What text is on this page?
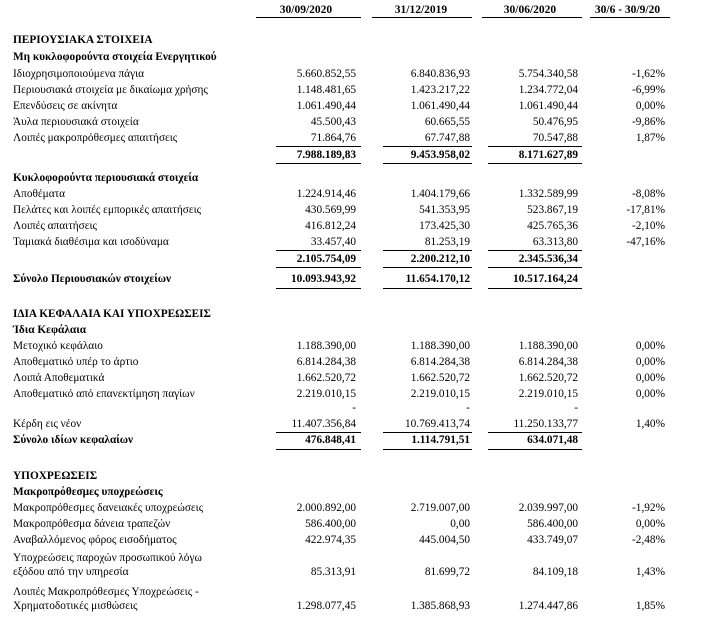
30/09/2020	31/12/2019	30/06/2020	30/6 - 30/9/20
ΠΕΡΙΟΥΣΙΑΚΑ ΣΤΟΙΧΕΙΑ
Μη κυκλοφορούντα στοιχεία Ενεργητικού
Ιδιοχρησιμοποιούμενα πάγια	5.660.852,55	6.840.836,93	5.754.340,58	-1,62%
Περιουσιακά στοιχεία με δικαίωμα χρήσης	1.148.481,65	1.423.217,22	1.234.772,04	-6,99%
Επενδύσεις σε ακίνητα	1.061.490,44	1.061.490,44	1.061.490,44	0,00%
Άυλα περιουσιακά στοιχεία	45.500,43	60.665,55	50.476,95	-9,86%
Λοιπές μακροπρόθεσμες απαιτήσεις	71.864,76	67.747,88	70.547,88	1,87%
7.988.189,83	9.453.958,02	8.171.627,89
Κυκλοφορούντα περιουσιακά στοιχεία
Αποθέματα	1.224.914,46	1.404.179,66	1.332.589,99	-8,08%
Πελάτες και λοιπές εμπορικές απαιτήσεις	430.569,99	541.353,95	523.867,19	-17,81%
Λοιπές απαιτήσεις	416.812,24	173.425,30	425.765,36	-2,10%
Ταμιακά διαθέσιμα και ισοδύναμα	33.457,40	81.253,19	63.313,80	-47,16%
2.105.754,09	2.200.212,10	2.345.536,34
Σύνολο Περιουσιακών στοιχείων	10.093.943,92	11.654.170,12	10.517.164,24
ΙΔΙΑ ΚΕΦΑΛΑΙΑ ΚΑΙ ΥΠΟΧΡΕΩΣΕΙΣ
Ίδια Κεφάλαια
Μετοχικό κεφάλαιο	1.188.390,00	1.188.390,00	1.188.390,00	0,00%
Αποθεματικό υπέρ το άρτιο	6.814.284,38	6.814.284,38	6.814.284,38	0,00%
Λοιπά Αποθεματικά	1.662.520,72	1.662.520,72	1.662.520,72	0,00%
Αποθεματικό από επανεκτίμηση παγίων	2.219.010,15	2.219.010,15	2.219.010,15	0,00%
-	-	-
Κέρδη εις νέον	11.407.356,84	10.769.413,74	11.250.133,77	1,40%
Σύνολο ιδίων κεφαλαίων	476.848,41	1.114.791,51	634.071,48
ΥΠΟΧΡΕΩΣΕΙΣ
Μακροπρόθεσμες υποχρεώσεις
Μακροπρόθεσμες δανειακές υποχρεώσεις	2.000.892,00	2.719.007,00	2.039.997,00	-1,92%
Μακροπρόθεσμα δάνεια τραπεζών	586.400,00	0,00	586.400,00	0,00%
Αναβαλλόμενος φόρος εισοδήματος	422.974,35	445.004,50	433.749,07	-2,48%
Υποχρεώσεις παροχών προσωπικού λόγω
εξόδου από την υπηρεσία	85.313,91	81.699,72	84.109,18	1,43%
Λοιπές Μακροπρόθεσμες Υποχρεώσεις -
Χρηματοδοτικές μισθώσεις	1.298.077,45	1.385.868,93	1.274.447,86	1,85%
